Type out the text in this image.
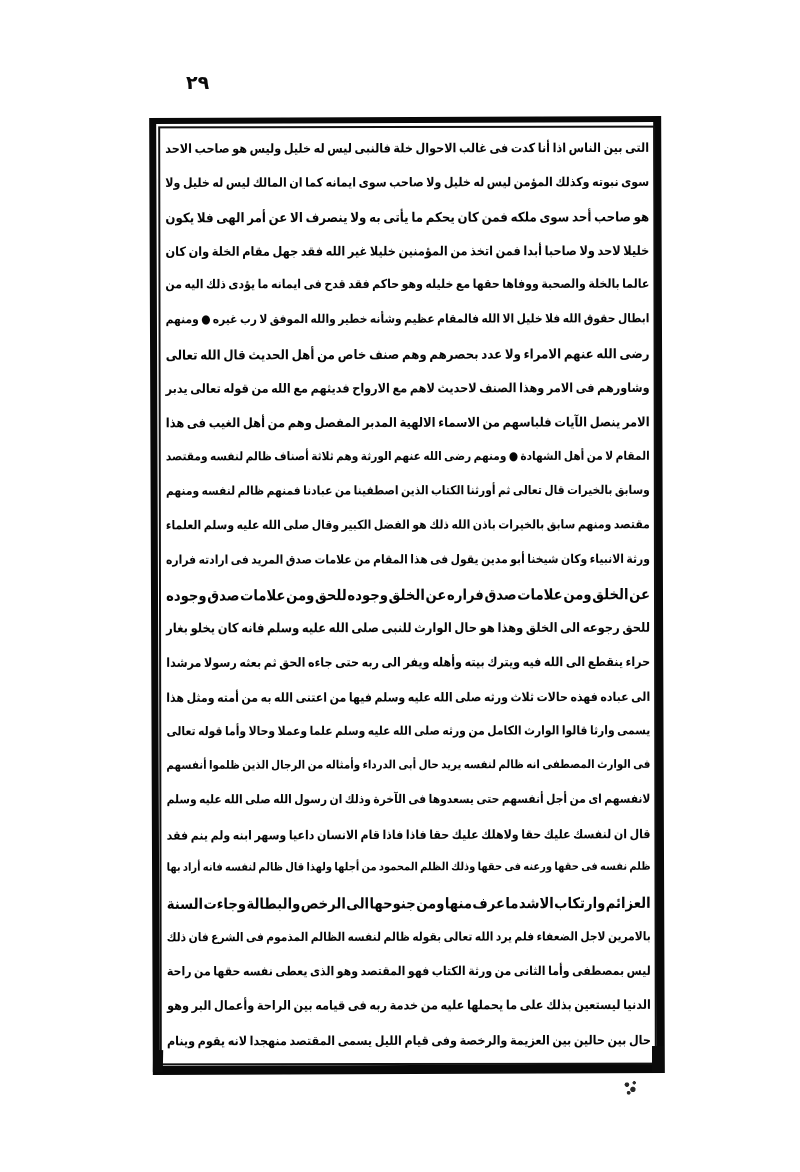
٢٩
التى
بين
الناس
اذا
أنا
كدت
فى
غالب
الاحوال
خلة
فالنبى
ليس
له
خليل
وليس
هو
صاحب
الاحد
سوى
نبوته
وكذلك
المؤمن
ليس
له
خليل
ولا
صاحب
سوى
ايمانه
كما
ان
المالك
ليس
له
خليل
ولا
هو
صاحب
أحد
سوى
ملكه
فمن
كان
يحكم
ما
يأتى
به
ولا
ينصرف
الا
عن
أمر
الهى
فلا
يكون
خليلا
لاحد
ولا
صاحبا
أبدا
فمن
اتخذ
من
المؤمنين
خليلا
غير
الله
فقد
جهل
مقام
الخلة
وان
كان
عالما
بالخلة
والصحبة
ووفاها
حقها
مع
خليله
وهو
حاكم
فقد
قدح
فى
ايمانه
ما
يؤدى
ذلك
اليه
من
ابطال
حقوق
الله
فلا
خليل
الا
الله
فالمقام
عظيم
وشأنه
خطير
والله
الموفق
لا
رب
غيره
●
ومنهم
رضى
الله
عنهم
الامراء
ولا
عدد
بحصرهم
وهم
صنف
خاص
من
أهل
الحديث
قال
الله
تعالى
وشاورهم
فى
الامر
وهذا
الصنف
لاحديث
لاهم
مع
الارواح
فديثهم
مع
الله
من
قوله
تعالى
يدبر
الامر
ينصل
الآيات
فلباسهم
من
الاسماء
الالهية
المدبر
المفصل
وهم
من
أهل
الغيب
فى
هذا
المقام
لا
من
أهل
الشهادة
●
ومنهم
رضى
الله
عنهم
الورثة
وهم
ثلاثة
أصناف
ظالم
لنفسه
ومقتصد
وسابق
بالخيرات
قال
تعالى
ثم
أورثنا
الكتاب
الذين
اصطفينا
من
عبادنا
فمنهم
ظالم
لنفسه
ومنهم
مقتصد
ومنهم
سابق
بالخيرات
باذن
الله
ذلك
هو
الفضل
الكبير
وقال
صلى
الله
عليه
وسلم
العلماء
ورثة
الانبياء
وكان
شيخنا
أبو
مدين
يقول
فى
هذا
المقام
من
علامات
صدق
المريد
فى
ارادته
فراره
عن
الخلق
ومن
علامات
صدق
فراره
عن
الخلق
وجوده
للحق
ومن
علامات
صدق
وجوده
للحق
رجوعه
الى
الخلق
وهذا
هو
حال
الوارث
للنبى
صلى
الله
عليه
وسلم
فانه
كان
يخلو
بغار
حراء
ينقطع
الى
الله
فيه
ويترك
بيته
وأهله
ويفر
الى
ربه
حتى
جاءه
الحق
ثم
بعثه
رسولا
مرشدا
الى
عباده
فهذه
حالات
ثلاث
ورثه
صلى
الله
عليه
وسلم
فيها
من
اعتنى
الله
به
من
أمته
ومثل
هذا
يسمى
وارثا
قالوا
الوارث
الكامل
من
ورثه
صلى
الله
عليه
وسلم
علما
وعملا
وحالا
وأما
قوله
تعالى
فى
الوارث
المصطفى
انه
ظالم
لنفسه
يريد
حال
أبى
الدرداء
وأمثاله
من
الرجال
الذين
ظلموا
أنفسهم
لانفسهم
اى
من
أجل
أنفسهم
حتى
يسعدوها
فى
الآخرة
وذلك
ان
رسول
الله
صلى
الله
عليه
وسلم
قال
ان
لنفسك
عليك
حقا
ولاهلك
عليك
حقا
فاذا
فاذا
قام
الانسان
داعيا
وسهر
ابنه
ولم
ينم
فقد
ظلم
نفسه
فى
حقها
ورعنه
فى
حقها
وذلك
الظلم
المحمود
من
أجلها
ولهذا
قال
ظالم
لنفسه
فانه
أراد
بها
العزائم
وارتكاب
الاشد
ما
عرف
منها
ومن
جنوحها
الى
الرخص
والبطالة
وجاءت
السنة
بالامرين
لاجل
الضعفاء
فلم
يرد
الله
تعالى
بقوله
ظالم
لنفسه
الظالم
المذموم
فى
الشرع
فان
ذلك
ليس
بمصطفى
وأما
الثانى
من
ورثة
الكتاب
فهو
المقتصد
وهو
الذى
يعطى
نفسه
حقها
من
راحة
الدنيا
ليستعين
بذلك
على
ما
يحملها
عليه
من
خدمة
ربه
فى
قيامه
بين
الراحة
وأعمال
البر
وهو
حال
بين
حالين
بين
العزيمة
والرخصة
وفى
قيام
الليل
يسمى
المقتصد
منهجدا
لانه
يقوم
وينام
